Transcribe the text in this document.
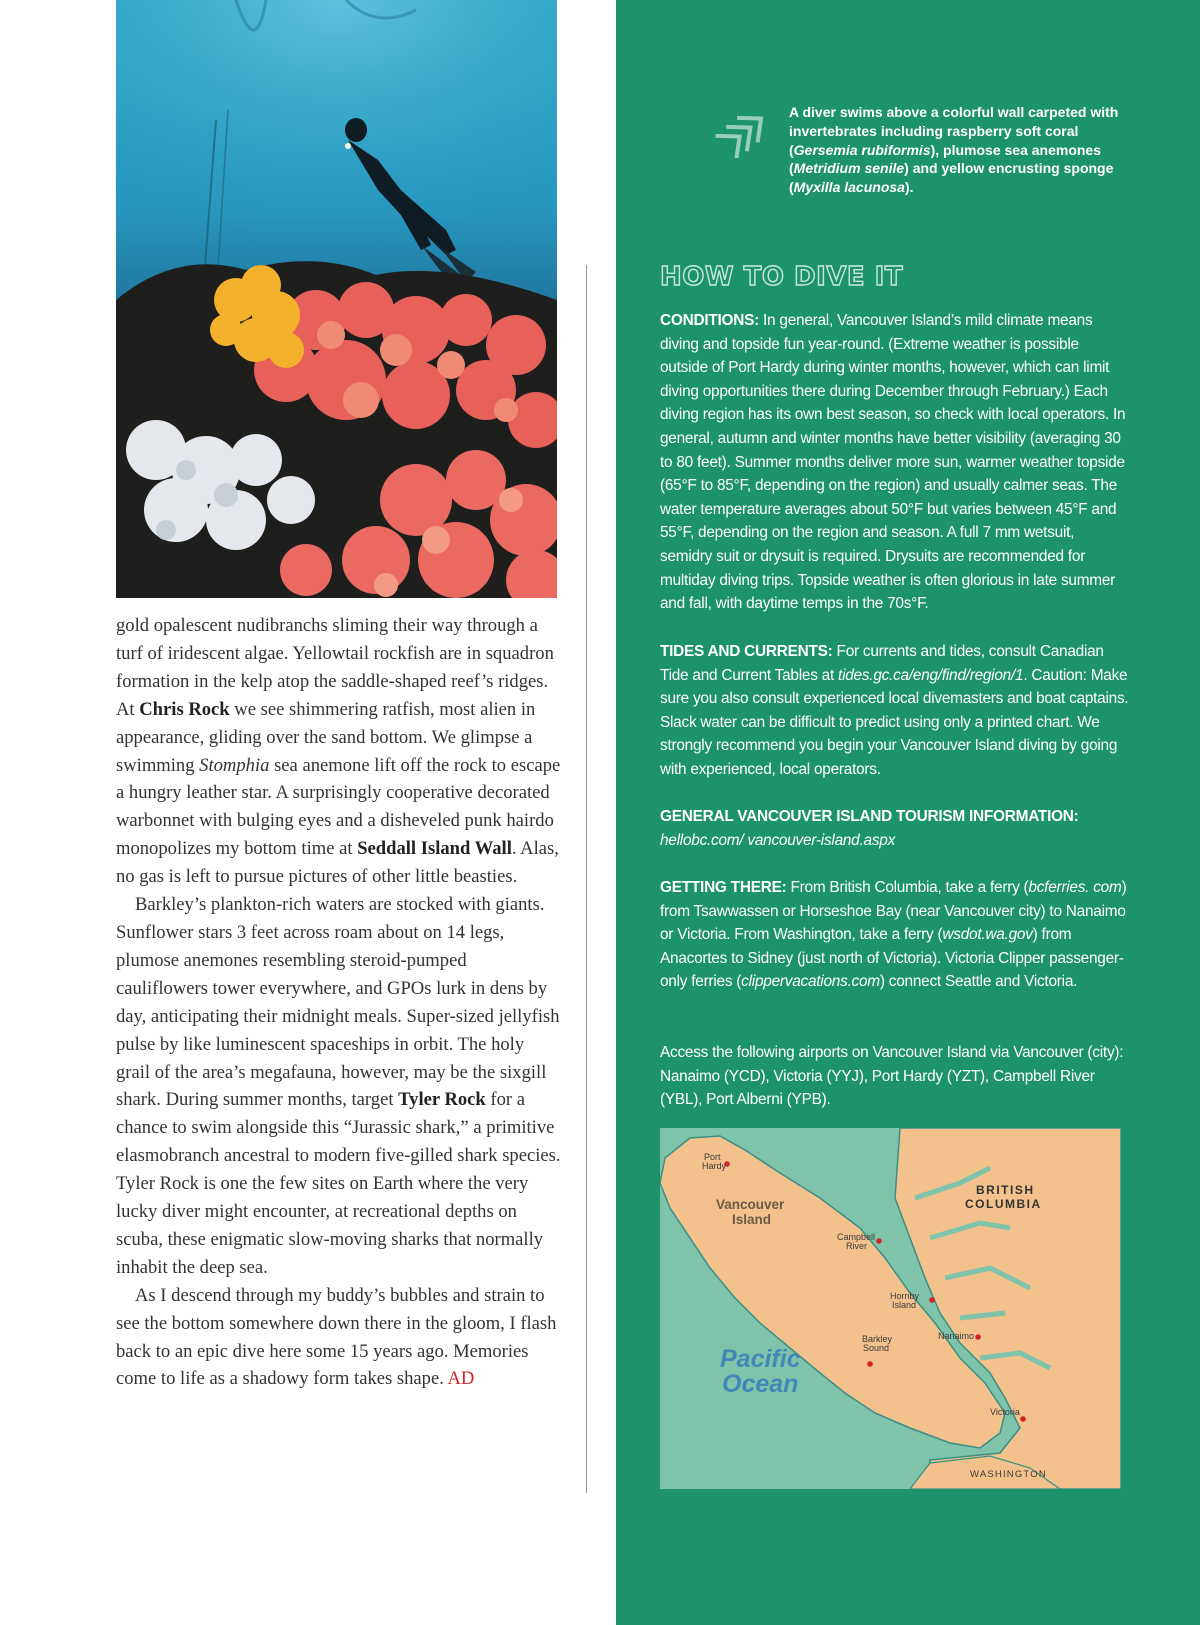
gold opalescent nudibranchs sliming their way through a turf of iridescent algae. Yellowtail rockfish are in squadron formation in the kelp atop the saddle-shaped reef’s ridges. At Chris Rock we see shimmering ratfish, most alien in appearance, gliding over the sand bottom. We glimpse a swimming Stomphia sea anemone lift off the rock to escape a hungry leather star. A surprisingly cooperative decorated warbonnet with bulging eyes and a disheveled punk hairdo monopolizes my bottom time at Seddall Island Wall. Alas, no gas is left to pursue pictures of other little beasties.

Barkley’s plankton-rich waters are stocked with giants. Sunflower stars 3 feet across roam about on 14 legs, plumose anemones resembling steroid-pumped cauliflowers tower everywhere, and GPOs lurk in dens by day, anticipating their midnight meals. Super-sized jellyfish pulse by like luminescent spaceships in orbit. The holy grail of the area’s megafauna, however, may be the sixgill shark. During summer months, target Tyler Rock for a chance to swim alongside this “Jurassic shark,” a primitive elasmobranch ancestral to modern five-gilled shark species. Tyler Rock is one the few sites on Earth where the very lucky diver might encounter, at recreational depths on scuba, these enigmatic slow-moving sharks that normally inhabit the deep sea.

As I descend through my buddy’s bubbles and strain to see the bottom somewhere down there in the gloom, I flash back to an epic dive here some 15 years ago. Memories come to life as a shadowy form takes shape. AD

A diver swims above a colorful wall carpeted with invertebrates including raspberry soft coral (Gersemia rubiformis), plumose sea anemones (Metridium senile) and yellow encrusting sponge (Myxilla lacunosa).
HOW TO DIVE IT
CONDITIONS: In general, Vancouver Island’s mild climate means diving and topside fun year-round. (Extreme weather is possible outside of Port Hardy during winter months, however, which can limit diving opportunities there during December through February.) Each diving region has its own best season, so check with local operators. In general, autumn and winter months have better visibility (averaging 30 to 80 feet). Summer months deliver more sun, warmer weather topside (65°F to 85°F, depending on the region) and usually calmer seas. The water temperature averages about 50°F but varies between 45°F and 55°F, depending on the region and season. A full 7 mm wetsuit, semidry suit or drysuit is required. Drysuits are recommended for multiday diving trips. Topside weather is often glorious in late summer and fall, with daytime temps in the 70s°F.
TIDES AND CURRENTS: For currents and tides, consult Canadian Tide and Current Tables at tides.gc.ca/eng/find/region/1. Caution: Make sure you also consult experienced local divemasters and boat captains. Slack water can be difficult to predict using only a printed chart. We strongly recommend you begin your Vancouver Island diving by going with experienced, local operators.
GENERAL VANCOUVER ISLAND TOURISM INFORMATION: hellobc.com/ vancouver-island.aspx
GETTING THERE: From British Columbia, take a ferry (bcferries. com) from Tsawwassen or Horseshoe Bay (near Vancouver city) to Nanaimo or Victoria. From Washington, take a ferry (wsdot.wa.gov) from Anacortes to Sidney (just north of Victoria). Victoria Clipper passenger-only ferries (clippervacations.com) connect Seattle and Victoria.
Access the following airports on Vancouver Island via Vancouver (city): Nanaimo (YCD), Victoria (YYJ), Port Hardy (YZT), Campbell River (YBL), Port Alberni (YPB).
Port Hardy
Vancouver Island
BRITISH COLUMBIA
Campbell River
Hornby Island
Nanaimo
Barkley Sound
Pacific Ocean
Victoria
WASHINGTON
